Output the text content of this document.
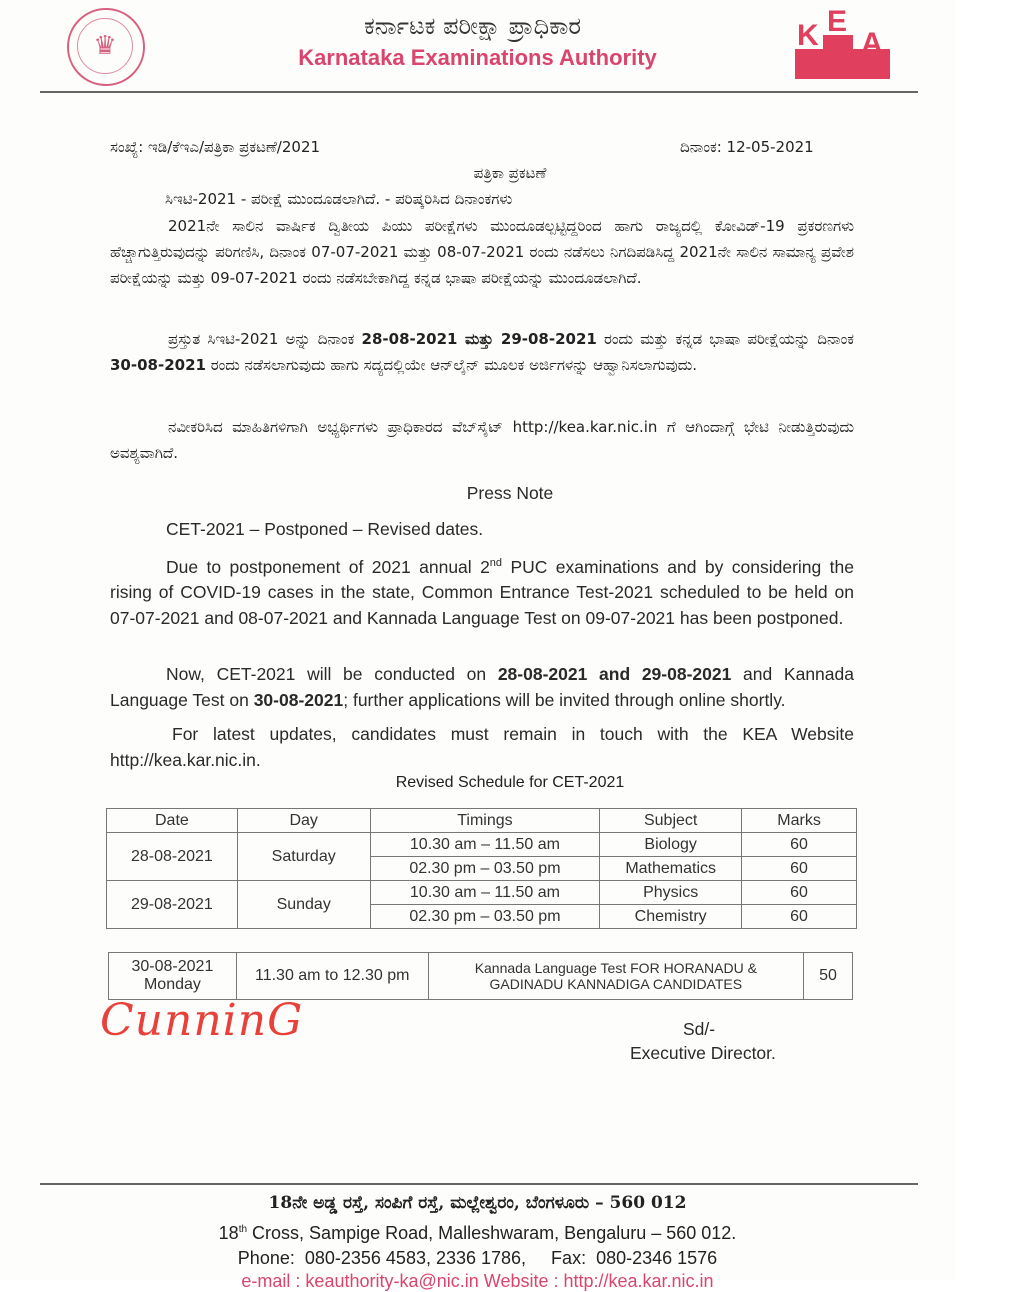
♛
ಕರ್ನಾಟಕ ಪರೀಕ್ಷಾ ಪ್ರಾಧಿಕಾರ
Karnataka Examinations Authority
K E
A
ಸಂಖ್ಯೆ: ಇಡಿ/ಕೆಇಎ/ಪತ್ರಿಕಾ ಪ್ರಕಟಣೆ/2021	ದಿನಾಂಕ: 12-05-2021
ಪತ್ರಿಕಾ ಪ್ರಕಟಣೆ
ಸಿಇಟಿ-2021 - ಪರೀಕ್ಷೆ ಮುಂದೂಡಲಾಗಿದೆ. - ಪರಿಷ್ಕರಿಸಿದ ದಿನಾಂಕಗಳು
2021ನೇ ಸಾಲಿನ ವಾರ್ಷಿಕ ದ್ವಿತೀಯ ಪಿಯು ಪರೀಕ್ಷೆಗಳು ಮುಂದೂಡಲ್ಪಟ್ಟಿದ್ದರಿಂದ ಹಾಗು ರಾಜ್ಯದಲ್ಲಿ ಕೋವಿಡ್-19 ಪ್ರಕರಣಗಳು ಹೆಚ್ಚಾಗುತ್ತಿರುವುದನ್ನು ಪರಿಗಣಿಸಿ, ದಿನಾಂಕ 07-07-2021 ಮತ್ತು 08-07-2021 ರಂದು ನಡೆಸಲು ನಿಗದಿಪಡಿಸಿದ್ದ 2021ನೇ ಸಾಲಿನ ಸಾಮಾನ್ಯ ಪ್ರವೇಶ ಪರೀಕ್ಷೆಯನ್ನು ಮತ್ತು 09-07-2021 ರಂದು ನಡೆಸಬೇಕಾಗಿದ್ದ ಕನ್ನಡ ಭಾಷಾ ಪರೀಕ್ಷೆಯನ್ನು ಮುಂದೂಡಲಾಗಿದೆ.
ಪ್ರಸ್ತುತ ಸಿಇಟಿ-2021 ಅನ್ನು ದಿನಾಂಕ 28-08-2021 ಮತ್ತು 29-08-2021 ರಂದು ಮತ್ತು ಕನ್ನಡ ಭಾಷಾ ಪರೀಕ್ಷೆಯನ್ನು ದಿನಾಂಕ 30-08-2021 ರಂದು ನಡೆಸಲಾಗುವುದು ಹಾಗು ಸದ್ಯದಲ್ಲಿಯೇ ಆನ್‌ಲೈನ್ ಮೂಲಕ ಅರ್ಜಿಗಳನ್ನು ಆಹ್ವಾನಿಸಲಾಗುವುದು.
ನವೀಕರಿಸಿದ ಮಾಹಿತಿಗಳಿಗಾಗಿ ಅಭ್ಯರ್ಥಿಗಳು ಪ್ರಾಧಿಕಾರದ ವೆಬ್‌ಸೈಟ್ http://kea.kar.nic.in ಗೆ ಆಗಿಂದಾಗ್ಗೆ ಭೇಟಿ ನೀಡುತ್ತಿರುವುದು ಅವಶ್ಯವಾಗಿದೆ.
Press Note
CET-2021 – Postponed – Revised dates.
Due to postponement of 2021 annual 2nd PUC examinations and by considering the rising of COVID-19 cases in the state, Common Entrance Test-2021 scheduled to be held on 07-07-2021 and 08-07-2021 and Kannada Language Test on 09-07-2021 has been postponed.
Now, CET-2021 will be conducted on 28-08-2021 and 29-08-2021 and Kannada Language Test on 30-08-2021; further applications will be invited through online shortly.
For latest updates, candidates must remain in touch with the KEA Website http://kea.kar.nic.in.
Revised Schedule for CET-2021
Date	Day	Timings	Subject	Marks
28-08-2021	Saturday	10.30 am – 11.50 am	Biology	60
		02.30 pm – 03.50 pm	Mathematics	60
29-08-2021	Sunday	10.30 am – 11.50 am	Physics	60
		02.30 pm – 03.50 pm	Chemistry	60
30-08-2021
Monday
	11.30 am to 12.30 pm	Kannada Language Test FOR HORANADU &
GADINADU KANNADIGA CANDIDATES	50
CunninG	Sd/-
Executive Director.
18ನೇ ಅಡ್ಡ ರಸ್ತೆ, ಸಂಪಿಗೆ ರಸ್ತೆ, ಮಲ್ಲೇಶ್ವರಂ, ಬೆಂಗಳೂರು – 560 012
18th Cross, Sampige Road, Malleshwaram, Bengaluru – 560 012.
Phone:  080-2356 4583, 2336 1786,     Fax:  080-2346 1576
e-mail : keauthority-ka@nic.in Website : http://kea.kar.nic.in
